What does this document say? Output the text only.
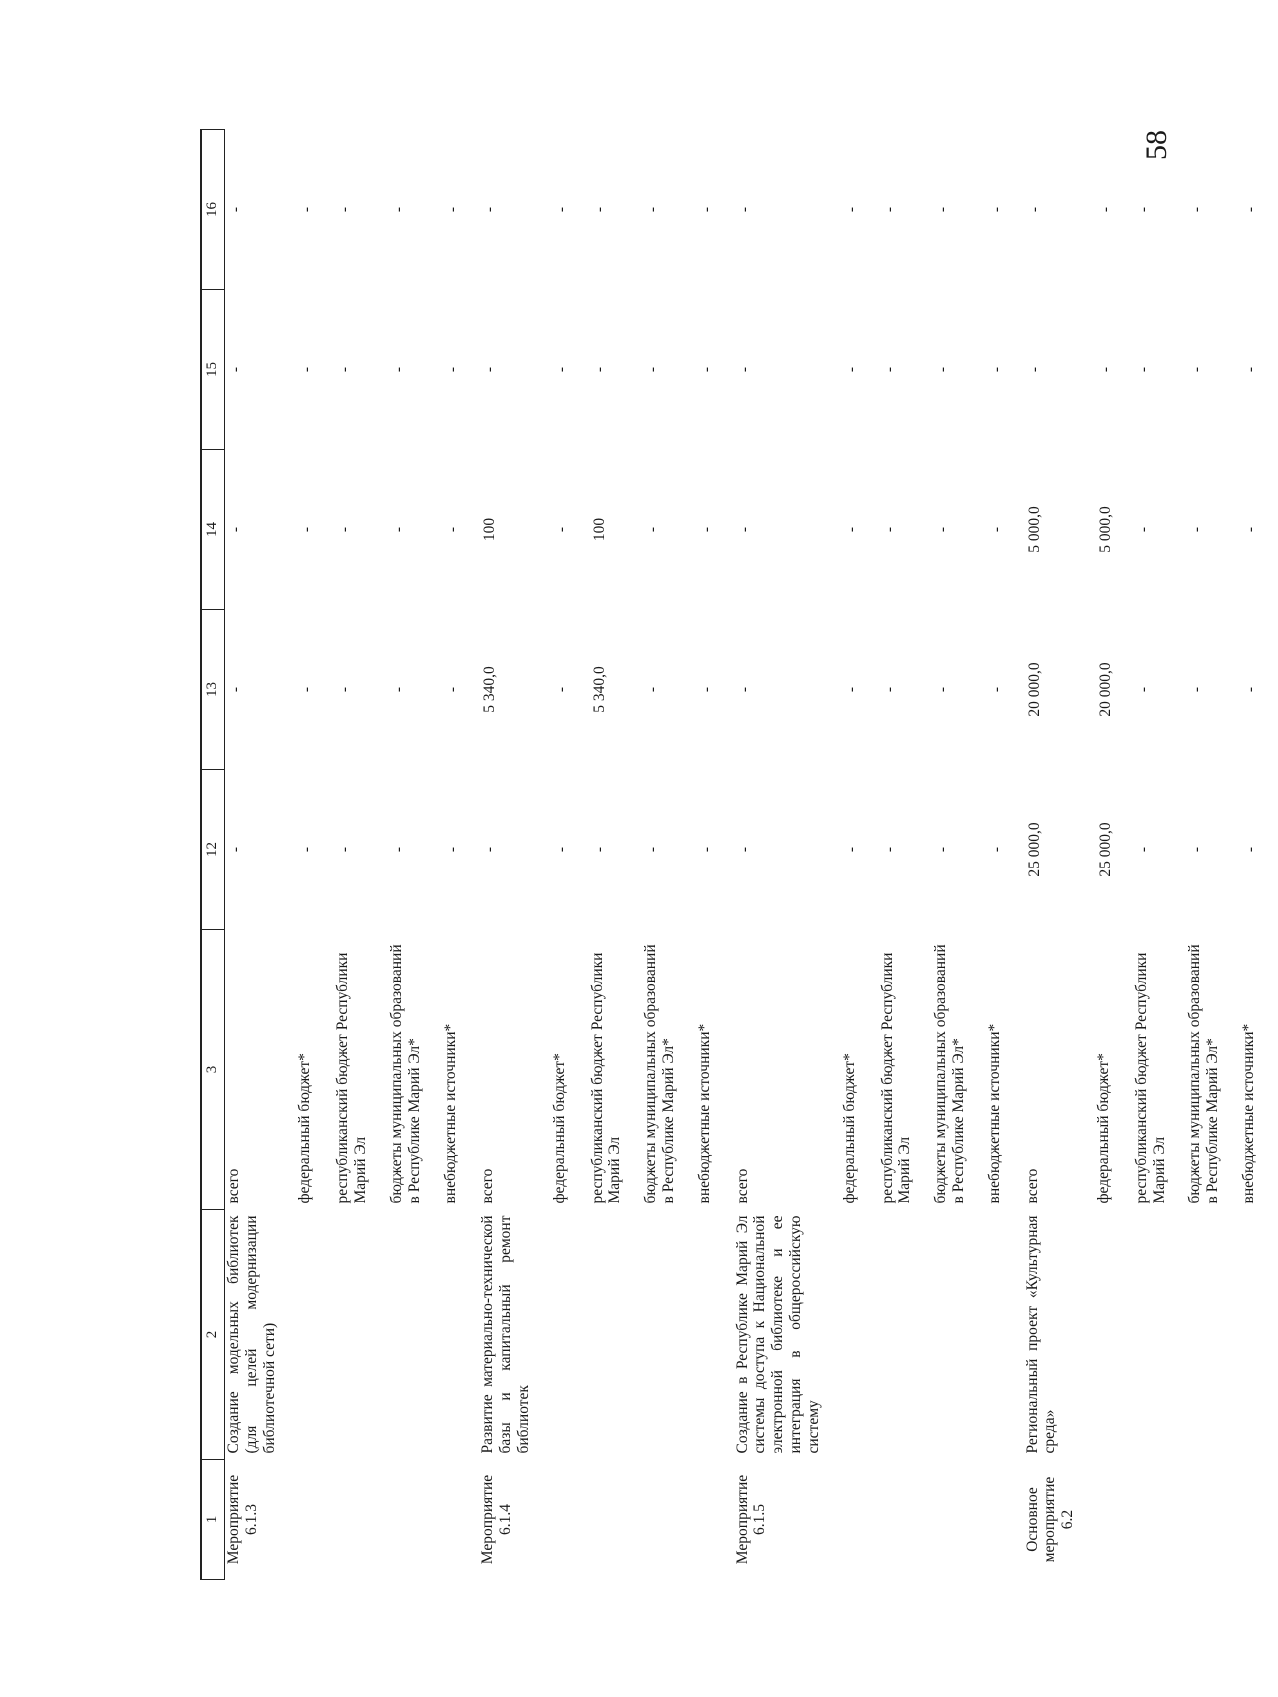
58
1	2	3	12	13	14	15	16
Мероприятие 6.1.3	Создание модельных библиотек (для целей модернизации библиотечной сети)	всего	-	-	-	-	-

		федеральный бюджет*	-	-	-	-	-

		республиканский бюджет Республики Марий Эл	-	-	-	-	-

		бюджеты муниципальных образований в Республике Марий Эл*	-	-	-	-	-

		внебюджетные источники*	-	-	-	-	-

Мероприятие 6.1.4	Развитие материально-технической базы и капитальный ремонт библиотек	всего	-	5 340,0	100	-	-

		федеральный бюджет*	-	-	-	-	-

		республиканский бюджет Республики Марий Эл	-	5 340,0	100	-	-

		бюджеты муниципальных образований в Республике Марий Эл*	-	-	-	-	-

		внебюджетные источники*	-	-	-	-	-

Мероприятие 6.1.5	Создание в Республике Марий Эл системы доступа к Национальной электронной библиотеке и ее интеграция в общероссийскую систему	всего	-	-	-	-	-

		федеральный бюджет*	-	-	-	-	-

		республиканский бюджет Республики Марий Эл	-	-	-	-	-

		бюджеты муниципальных образований в Республике Марий Эл*	-	-	-	-	-

		внебюджетные источники*	-	-	-	-	-

Основное мероприятие 6.2	Региональный проект «Культурная среда»	всего	25 000,0	20 000,0	5 000,0	-	-

		федеральный бюджет*	25 000,0	20 000,0	5 000,0	-	-

		республиканский бюджет Республики Марий Эл	-	-	-	-	-

		бюджеты муниципальных образований в Республике Марий Эл*	-	-	-	-	-

		внебюджетные источники*	-	-	-	-	-
